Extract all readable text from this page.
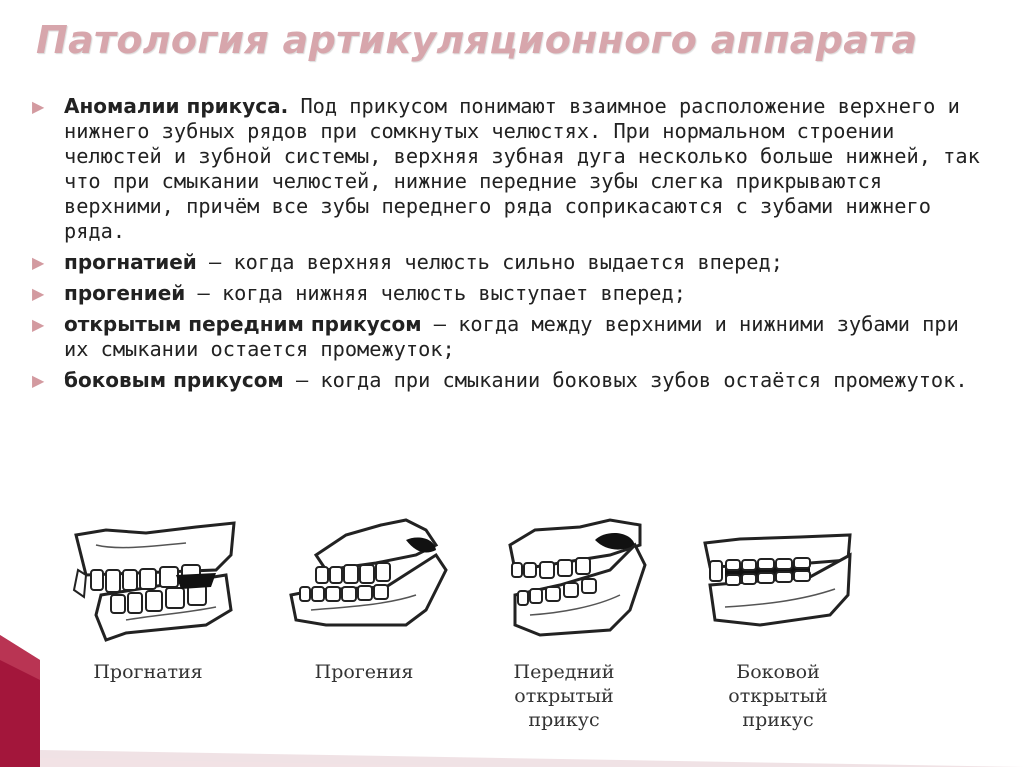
Патология артикуляционного аппарата
▶ Аномалии прикуса. Под прикусом понимают взаимное расположение верхнего и нижнего зубных рядов при сомкнутых челюстях. При нормальном строении челюстей и зубной системы, верхняя зубная дуга несколько больше нижней, так что при смыкании челюстей, нижние передние зубы слегка прикрываются верхними, причём все зубы переднего ряда соприкасаются с зубами нижнего ряда.
▶ прогнатией – когда верхняя челюсть сильно выдается вперед;
▶ прогенией – когда нижняя челюсть выступает вперед;
▶ открытым передним прикусом – когда между верхними и нижними зубами при их смыкании остается промежуток;
▶ боковым прикусом – когда при смыкании боковых зубов остаётся промежуток.
Прогнатия	Прогения	Передний
открытый
прикус
Боковой
открытый
прикус
